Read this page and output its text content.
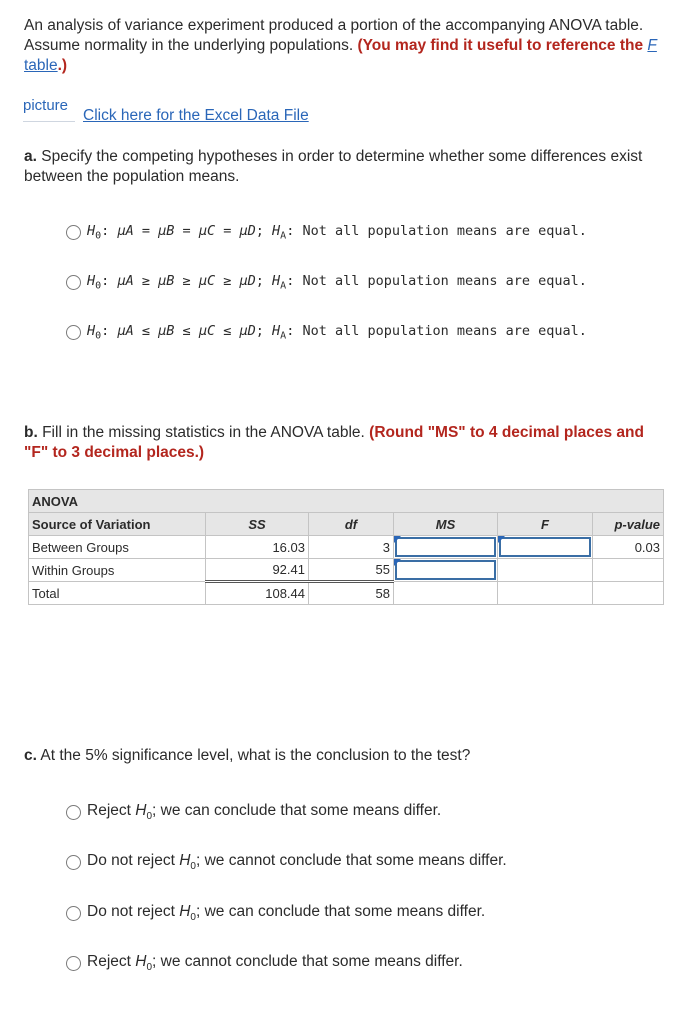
An analysis of variance experiment produced a portion of the accompanying ANOVA table. Assume normality in the underlying populations. (You may find it useful to reference the F table.)
picture
Click here for the Excel Data File
a. Specify the competing hypotheses in order to determine whether some differences exist between the population means.
$H_0$: μA = μB = μC = μD; $H_A$: Not all population means are equal.
$H_0$: μA ≥ μB ≥ μC ≥ μD; $H_A$: Not all population means are equal.
$H_0$: μA ≤ μB ≤ μC ≤ μD; $H_A$: Not all population means are equal.
b. Fill in the missing statistics in the ANOVA table. (Round "MS" to 4 decimal places and "F" to 3 decimal places.)
ANOVA					
Source of Variation	SS	df	MS	F	p-value
Between Groups	16.03	3			0.03
Within Groups	92.41	55	

Total	108.44	58			
c. At the 5% significance level, what is the conclusion to the test?
Reject $H_0$; we can conclude that some means differ.
Do not reject $H_0$; we cannot conclude that some means differ.
Do not reject $H_0$; we can conclude that some means differ.
Reject $H_0$; we cannot conclude that some means differ.
